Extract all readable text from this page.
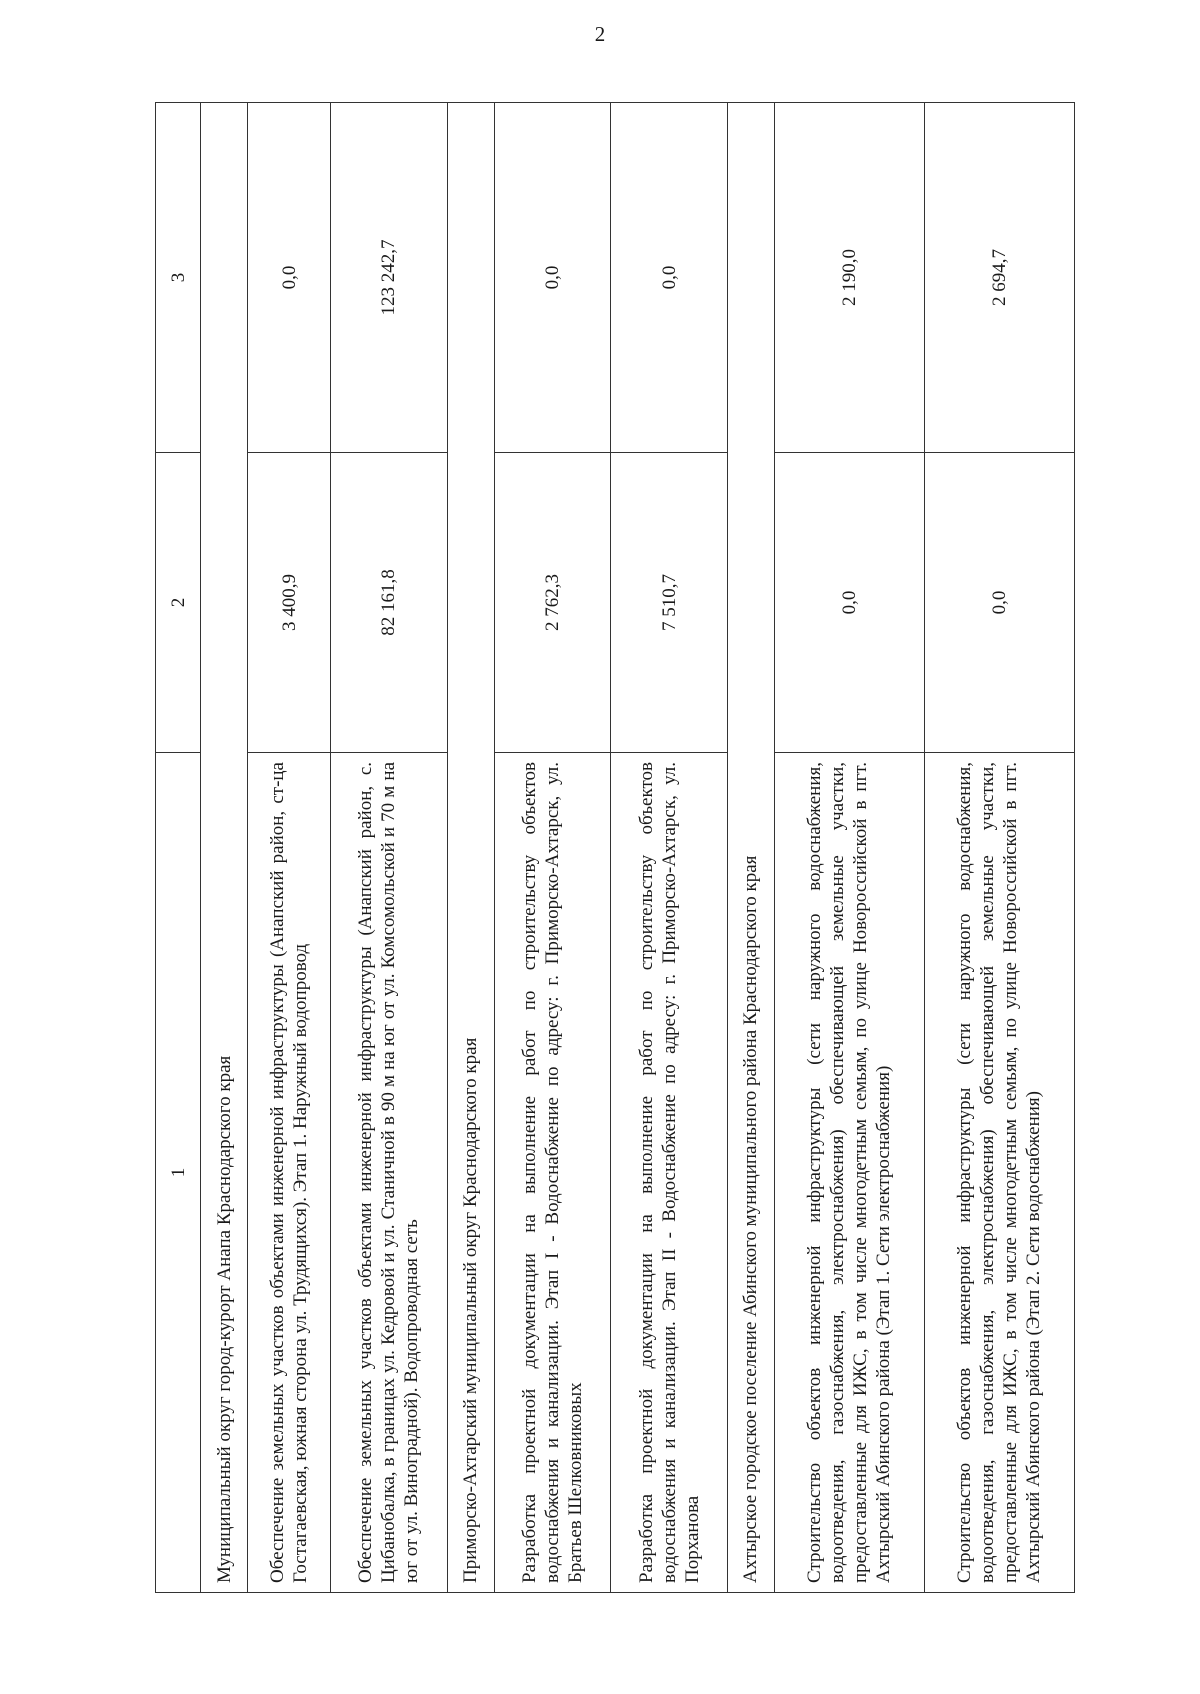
2
1	2	3
Муниципальный округ город-курорт Анапа Краснодарского края		
Обеспечение земельных участков объектами инженерной инфраструктуры (Анапский район, ст-ца Гостагаевская, южная сторона ул. Трудящихся). Этап 1. Наружный водопровод	3 400,9	0,0
Обеспечение земельных участков объектами инженерной инфраструктуры (Анапский район, с. Цибанобалка, в границах ул. Кедровой и ул. Станичной в 90 м на юг от ул. Комсомольской и 70 м на юг от ул. Виноградной). Водопроводная сеть	82 161,8	123 242,7
Приморско-Ахтарский муниципальный округ Краснодарского края		
Разработка проектной документации на выполнение работ по строительству объектов водоснабжения и канализации. Этап I - Водоснабжение по адресу: г. Приморско-Ахтарск, ул. Братьев Шелковниковых	2 762,3	0,0
Разработка проектной документации на выполнение работ по строительству объектов водоснабжения и канализации. Этап II - Водоснабжение по адресу: г. Приморско-Ахтарск, ул. Порханова	7 510,7	0,0
Ахтырское городское поселение Абинского муниципального района Краснодарского края		
Строительство объектов инженерной инфраструктуры (сети наружного водоснабжения, водоотведения, газоснабжения, электроснабжения) обеспечивающей земельные участки, предоставленные для ИЖС, в том числе многодетным семьям, по улице Новороссийской в пгт. Ахтырский Абинского района (Этап 1. Сети электроснабжения)	0,0	2 190,0
Строительство объектов инженерной инфраструктуры (сети наружного водоснабжения, водоотведения, газоснабжения, электроснабжения) обеспечивающей земельные участки, предоставленные для ИЖС, в том числе многодетным семьям, по улице Новороссийской в пгт. Ахтырский Абинского района (Этап 2. Сети водоснабжения)	0,0	2 694,7
